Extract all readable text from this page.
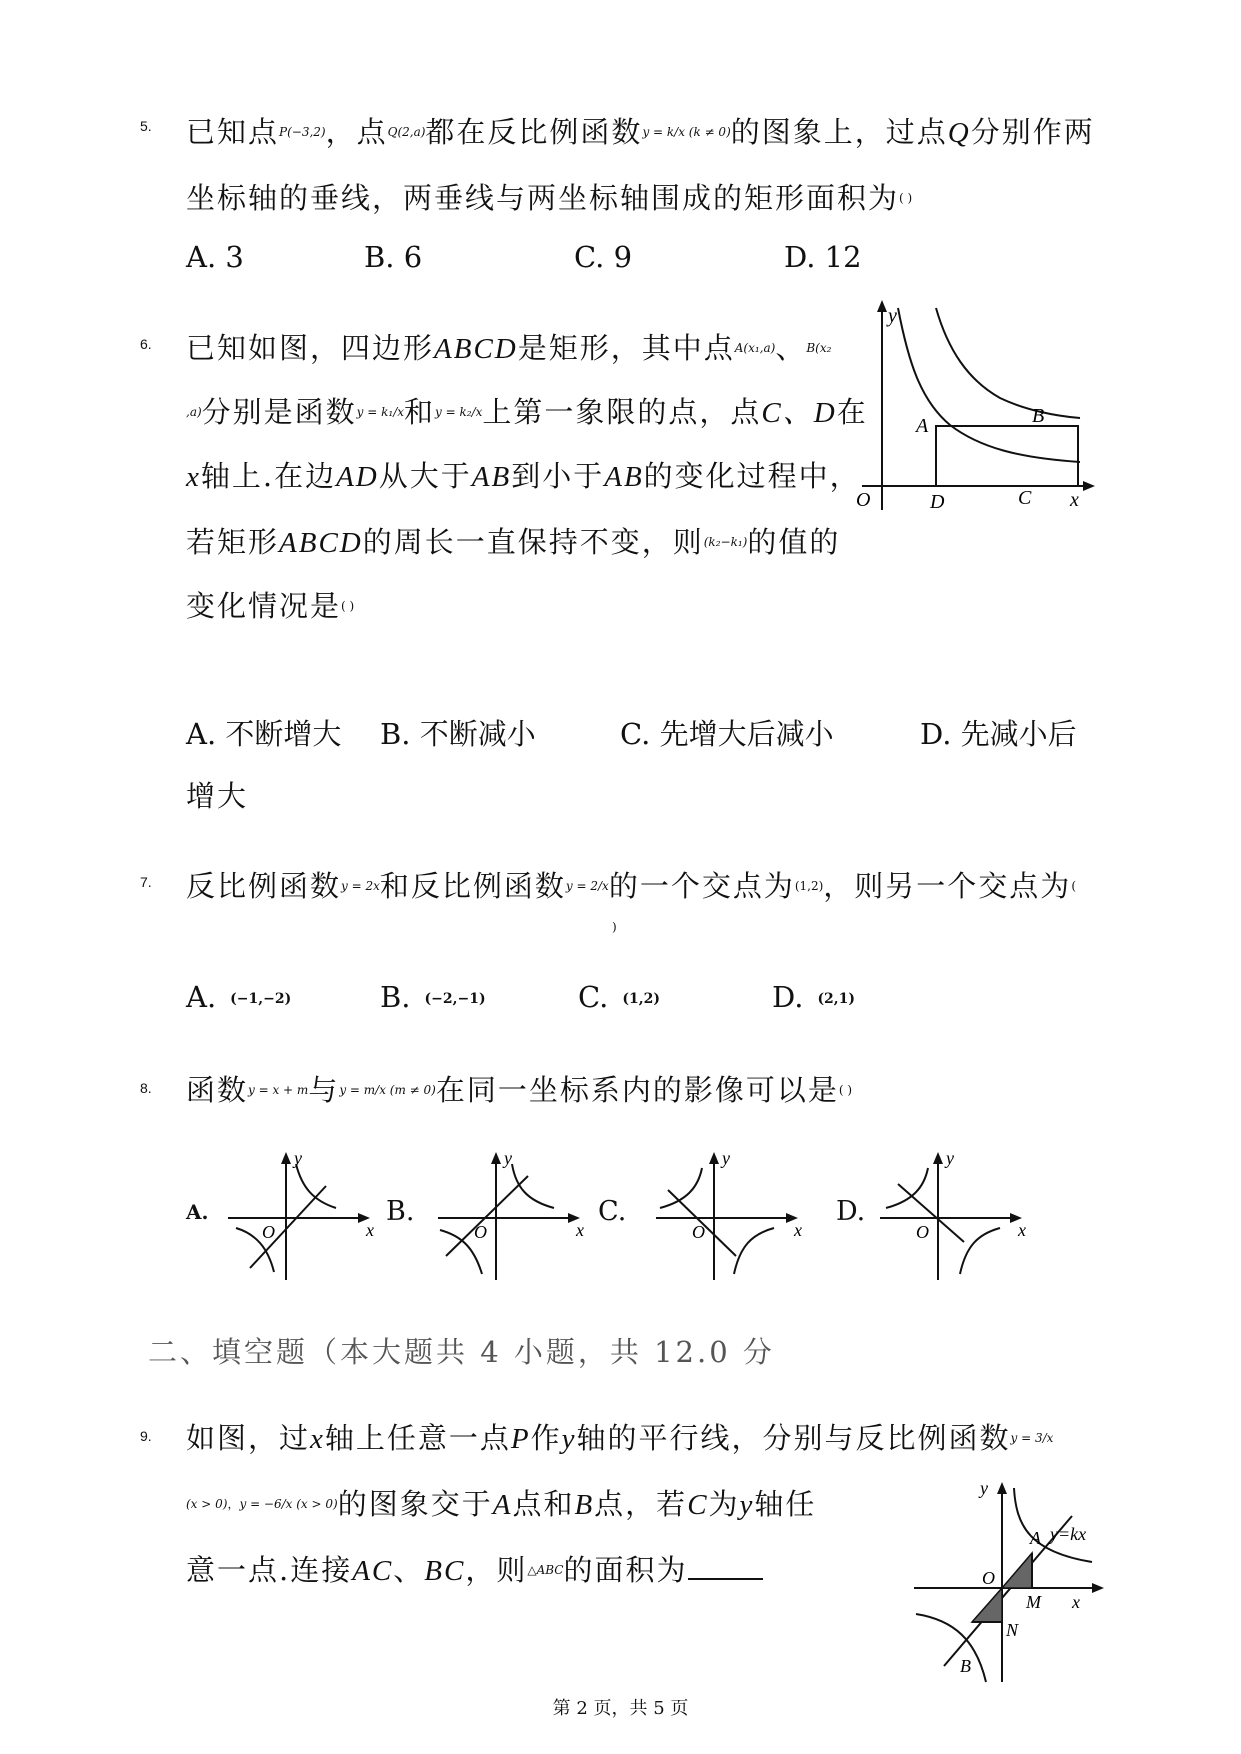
5. 已知点$^{P(-3,2)}$，点$^{Q(2,a)}$都在反比例函数$^{y = k/x (k \ne 0)}$的图象上，过点Q分别作两
坐标轴的垂线，两垂线与两坐标轴围成的矩形面积为( )
A. 3	B. 6	C. 9	D. 12
6. 已知如图，四边形ABCD是矩形，其中点$^{A(x_1,a)}$、$^{B(x_2}$
$^{,a)}$分别是函数$^{y = k_1/x}$和$^{y = k_2/x}$上第一象限的点，点C、D在
x轴上.在边AD从大于AB到小于AB的变化过程中，
若矩形ABCD的周长一直保持不变，则$^{(k_2-k_1)}$的值的
变化情况是( )
y
x
O
A	B
C
D
A. 不断增大 B. 不断减小	C. 先增大后减小	D. 先减小后
增大
7. 反比例函数$^{y = 2x}$和反比例函数$^{y = 2/x}$的一个交点为$^{(1,2)}$，则另一个交点为(
)
A. (−1,−2)	B. (−2,−1)	C. (1,2)	D. (2,1)
8. 函数$^{y = x + m}$与$^{y = m/x (m \ne 0)}$在同一坐标系内的影像可以是( )
A.
y
x
O
B.
y
x
O
C.
y
x
O
D.
y
x
O
二、填空题（本大题共 4 小题，共 12.0 分
9. 如图，过x轴上任意一点P作y轴的平行线，分别与反比例函数$^{y = 3/x}$
$^{(x > 0),y = -6/x (x > 0)}$的图象交于A点和B点，若C为y轴任
意一点.连接AC、BC，则$^{\triangle ABC}$的面积为
y
x
O
A y=kx
M
N
B
第 2 页，共 5 页
